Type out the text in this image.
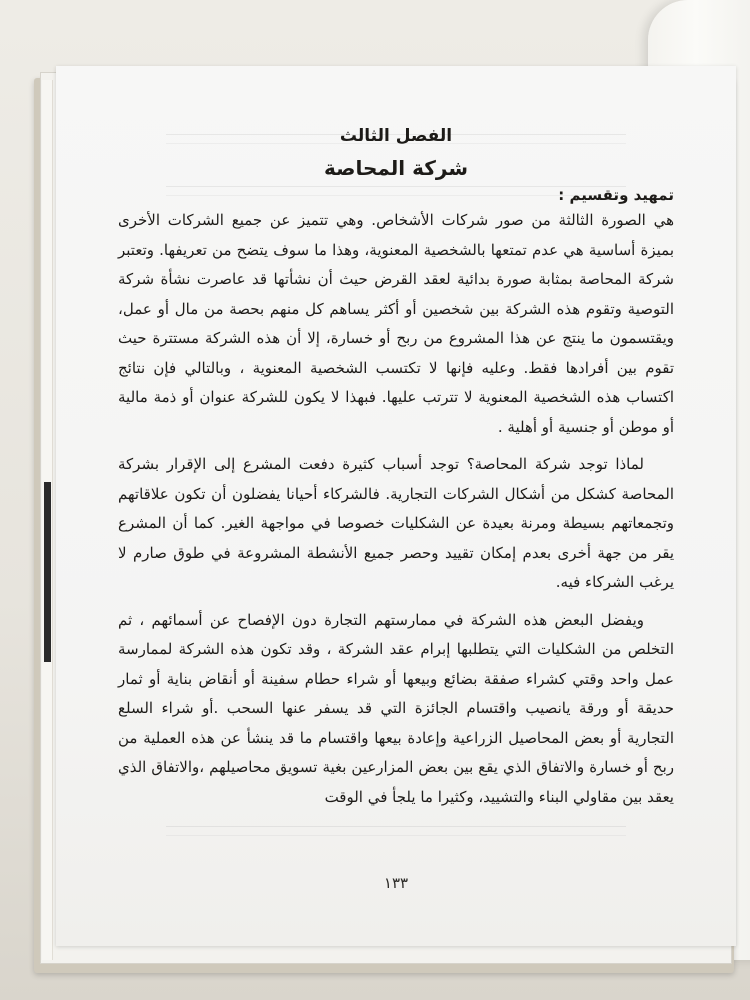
الفصل الثالث
شركة المحاصة
تمهيد وتقسيم :

هي الصورة الثالثة من صور شركات الأشخاص. وهي تتميز عن جميع الشركات الأخرى بميزة أساسية هي عدم تمتعها بالشخصية المعنوية، وهذا ما سوف يتضح من تعريفها. وتعتبر شركة المحاصة بمثابة صورة بدائية لعقد القرض حيث أن نشأتها قد عاصرت نشأة شركة التوصية وتقوم هذه الشركة بين شخصين أو أكثر يساهم كل منهم بحصة من مال أو عمل، ويقتسمون ما ينتج عن هذا المشروع من ربح أو خسارة، إلا أن هذه الشركة مستترة حيث تقوم بين أفرادها فقط. وعليه فإنها لا تكتسب الشخصية المعنوية ، وبالتالي فإن نتائج اكتساب هذه الشخصية المعنوية لا تترتب عليها. فبهذا لا يكون للشركة عنوان أو ذمة مالية أو موطن أو جنسية أو أهلية .

لماذا توجد شركة المحاصة؟ توجد أسباب كثيرة دفعت المشرع إلى الإقرار بشركة المحاصة كشكل من أشكال الشركات التجارية. فالشركاء أحيانا يفضلون أن تكون علاقاتهم وتجمعاتهم بسيطة ومرنة بعيدة عن الشكليات خصوصا في مواجهة الغير. كما أن المشرع يقر من جهة أخرى بعدم إمكان تقييد وحصر جميع الأنشطة المشروعة في طوق صارم لا يرغب الشركاء فيه.

ويفضل البعض هذه الشركة في ممارستهم التجارة دون الإفصاح عن أسمائهم ، ثم التخلص من الشكليات التي يتطلبها إبرام عقد الشركة ، وقد تكون هذه الشركة لممارسة عمل واحد وقتي كشراء صفقة بضائع وبيعها أو شراء حطام سفينة أو أنقاض بناية أو ثمار حديقة أو ورقة يانصيب واقتسام الجائزة التي قد يسفر عنها السحب .أو شراء السلع التجارية أو بعض المحاصيل الزراعية وإعادة بيعها واقتسام ما قد ينشأ عن هذه العملية من ربح أو خسارة والاتفاق الذي يقع بين بعض المزارعين بغية تسويق محاصيلهم ،والاتفاق الذي يعقد بين مقاولي البناء والتشييد، وكثيرا ما يلجأ في الوقت

١٣٣
